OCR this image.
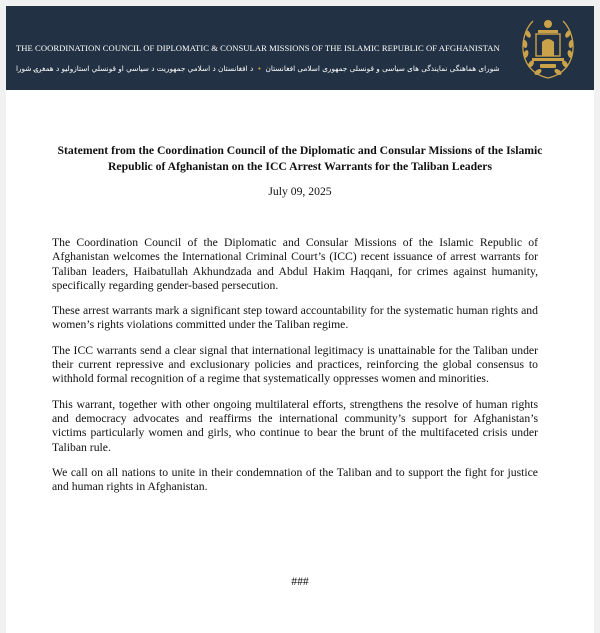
THE COORDINATION COUNCIL OF DIPLOMATIC & CONSULAR MISSIONS OF THE ISLAMIC REPUBLIC OF AFGHANISTAN
شورای هماهنگی نمایندگی های سیاسی و قونسلی جمهوری اسلامی افغانستان•د افغانستان د اسلامي جمهوریت د سیاسي او قونسلي استازولیو د همغږۍ شورا
Statement from the Coordination Council of the Diplomatic and Consular Missions of the Islamic Republic of Afghanistan on the ICC Arrest Warrants for the Taliban Leaders
July 09, 2025

The Coordination Council of the Diplomatic and Consular Missions of the Islamic Republic of Afghanistan welcomes the International Criminal Court’s (ICC) recent issuance of arrest warrants for Taliban leaders, Haibatullah Akhundzada and Abdul Hakim Haqqani, for crimes against humanity, specifically regarding gender-based persecution.

These arrest warrants mark a significant step toward accountability for the systematic human rights and women’s rights violations committed under the Taliban regime.

The ICC warrants send a clear signal that international legitimacy is unattainable for the Taliban under their current repressive and exclusionary policies and practices, reinforcing the global consensus to withhold formal recognition of a regime that systematically oppresses women and minorities.

This warrant, together with other ongoing multilateral efforts, strengthens the resolve of human rights and democracy advocates and reaffirms the international community’s support for Afghanistan’s victims particularly women and girls, who continue to bear the brunt of the multifaceted crisis under Taliban rule.

We call on all nations to unite in their condemnation of the Taliban and to support the fight for justice and human rights in Afghanistan.

###
